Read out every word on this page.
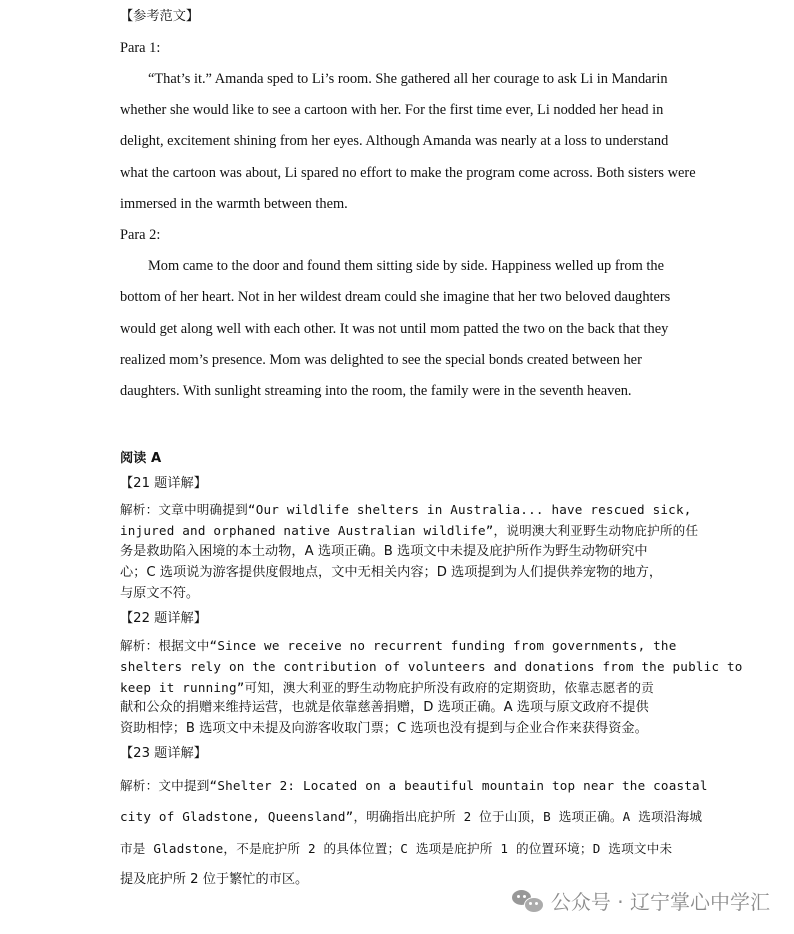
【参考范文】
Para 1:
“That’s it.” Amanda sped to Li’s room. She gathered all her courage to ask Li in Mandarin
whether she would like to see a cartoon with her. For the first time ever, Li nodded her head in
delight, excitement shining from her eyes. Although Amanda was nearly at a loss to understand
what the cartoon was about, Li spared no effort to make the program come across. Both sisters were
immersed in the warmth between them.
Para 2:
Mom came to the door and found them sitting side by side. Happiness welled up from the
bottom of her heart. Not in her wildest dream could she imagine that her two beloved daughters
would get along well with each other. It was not until mom patted the two on the back that they
realized mom’s presence. Mom was delighted to see the special bonds created between her
daughters. With sunlight streaming into the room, the family were in the seventh heaven.
阅读 A
【21 题详解】
解析：文章中明确提到“Our wildlife shelters in Australia... have rescued sick,
injured and orphaned native Australian wildlife”，说明澳大利亚野生动物庇护所的任
务是救助陷入困境的本土动物，A 选项正确。B 选项文中未提及庇护所作为野生动物研究中
心；C 选项说为游客提供度假地点，文中无相关内容；D 选项提到为人们提供养宠物的地方，
与原文不符。
【22 题详解】
解析：根据文中“Since we receive no recurrent funding from governments, the
shelters rely on the contribution of volunteers and donations from the public to
keep it running”可知，澳大利亚的野生动物庇护所没有政府的定期资助，依靠志愿者的贡
献和公众的捐赠来维持运营，也就是依靠慈善捐赠，D 选项正确。A 选项与原文政府不提供
资助相悖；B 选项文中未提及向游客收取门票；C 选项也没有提到与企业合作来获得资金。
【23 题详解】
解析：文中提到“Shelter 2: Located on a beautiful mountain top near the coastal
city of Gladstone, Queensland”，明确指出庇护所 2 位于山顶，B 选项正确。A 选项沿海城
市是 Gladstone，不是庇护所 2 的具体位置；C 选项是庇护所 1 的位置环境；D 选项文中未
提及庇护所 2 位于繁忙的市区。
公众号 · 辽宁掌心中学汇
